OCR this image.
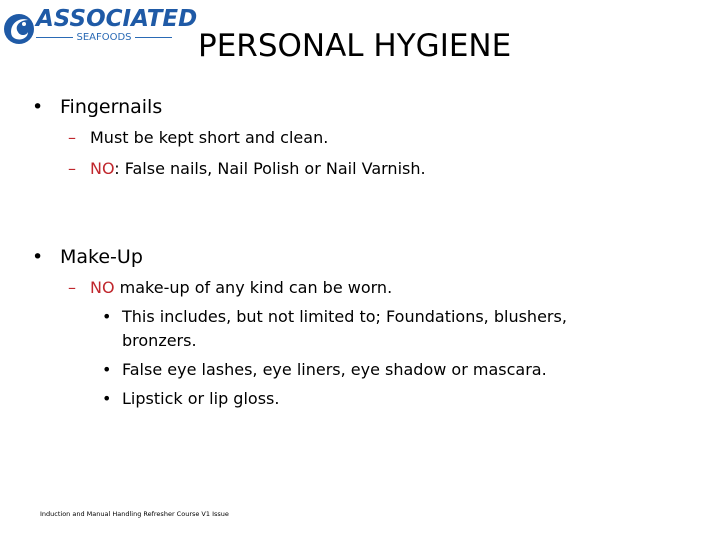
ASSOCIATED
SEAFOODS PERSONAL HYGIENE
• Fingernails
– Must be kept short and clean.
– NO: False nails, Nail Polish or Nail Varnish.
• Make-Up
– NO make-up of any kind can be worn.
• This includes, but not limited to; Foundations, blushers, bronzers.
• False eye lashes, eye liners, eye shadow or mascara.
• Lipstick or lip gloss.
Induction and Manual Handling Refresher Course V1 Issue
